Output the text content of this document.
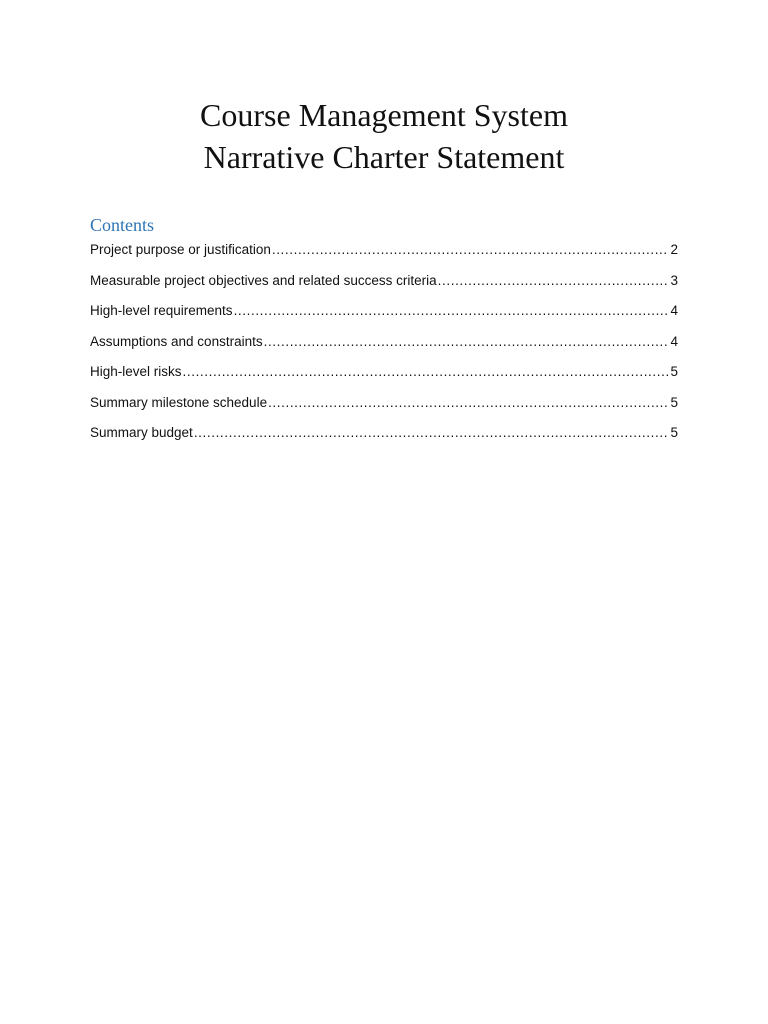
Course Management System
Narrative Charter Statement
Contents
Project purpose or justification .....	2
Measurable project objectives and related success criteria .....	3
High-level requirements .....	4
Assumptions and constraints .....	4
High-level risks .....	5
Summary milestone schedule .....	5
Summary budget .....	5
